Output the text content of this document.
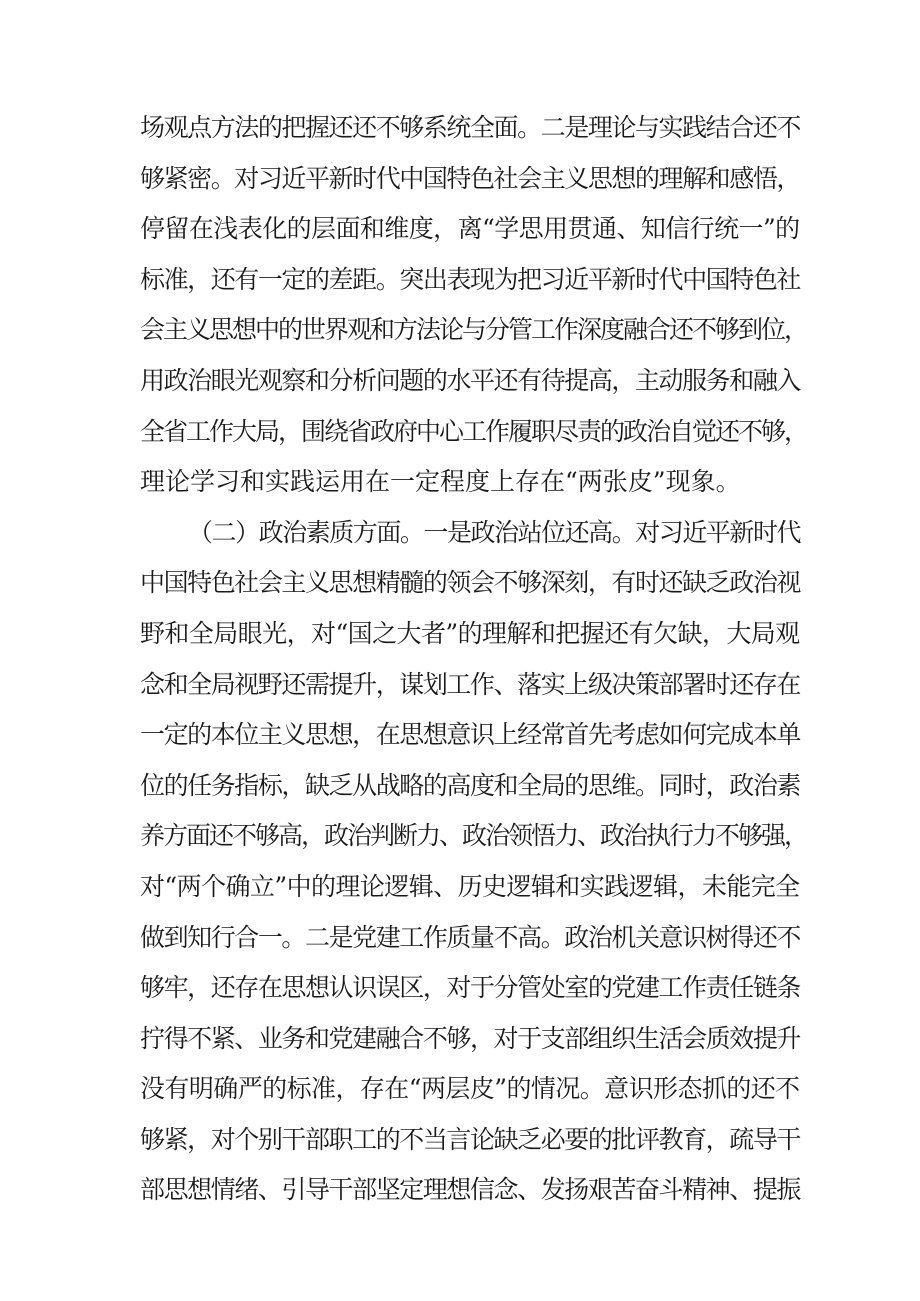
场观点方法的把握还还不够系统全面。二是理论与实践结合还不
够紧密。对习近平新时代中国特色社会主义思想的理解和感悟，
停留在浅表化的层面和维度，离“学思用贯通、知信行统一”的
标准，还有一定的差距。突出表现为把习近平新时代中国特色社
会主义思想中的世界观和方法论与分管工作深度融合还不够到位，
用政治眼光观察和分析问题的水平还有待提高，主动服务和融入
全省工作大局，围绕省政府中心工作履职尽责的政治自觉还不够，
理论学习和实践运用在一定程度上存在“两张皮”现象。
（二）政治素质方面。一是政治站位还高。对习近平新时代
中国特色社会主义思想精髓的领会不够深刻，有时还缺乏政治视
野和全局眼光，对“国之大者”的理解和把握还有欠缺，大局观
念和全局视野还需提升，谋划工作、落实上级决策部署时还存在
一定的本位主义思想，在思想意识上经常首先考虑如何完成本单
位的任务指标，缺乏从战略的高度和全局的思维。同时，政治素
养方面还不够高，政治判断力、政治领悟力、政治执行力不够强，
对“两个确立”中的理论逻辑、历史逻辑和实践逻辑，未能完全
做到知行合一。二是党建工作质量不高。政治机关意识树得还不
够牢，还存在思想认识误区，对于分管处室的党建工作责任链条
拧得不紧、业务和党建融合不够，对于支部组织生活会质效提升
没有明确严的标准，存在“两层皮”的情况。意识形态抓的还不
够紧，对个别干部职工的不当言论缺乏必要的批评教育，疏导干
部思想情绪、引导干部坚定理想信念、发扬艰苦奋斗精神、提振
